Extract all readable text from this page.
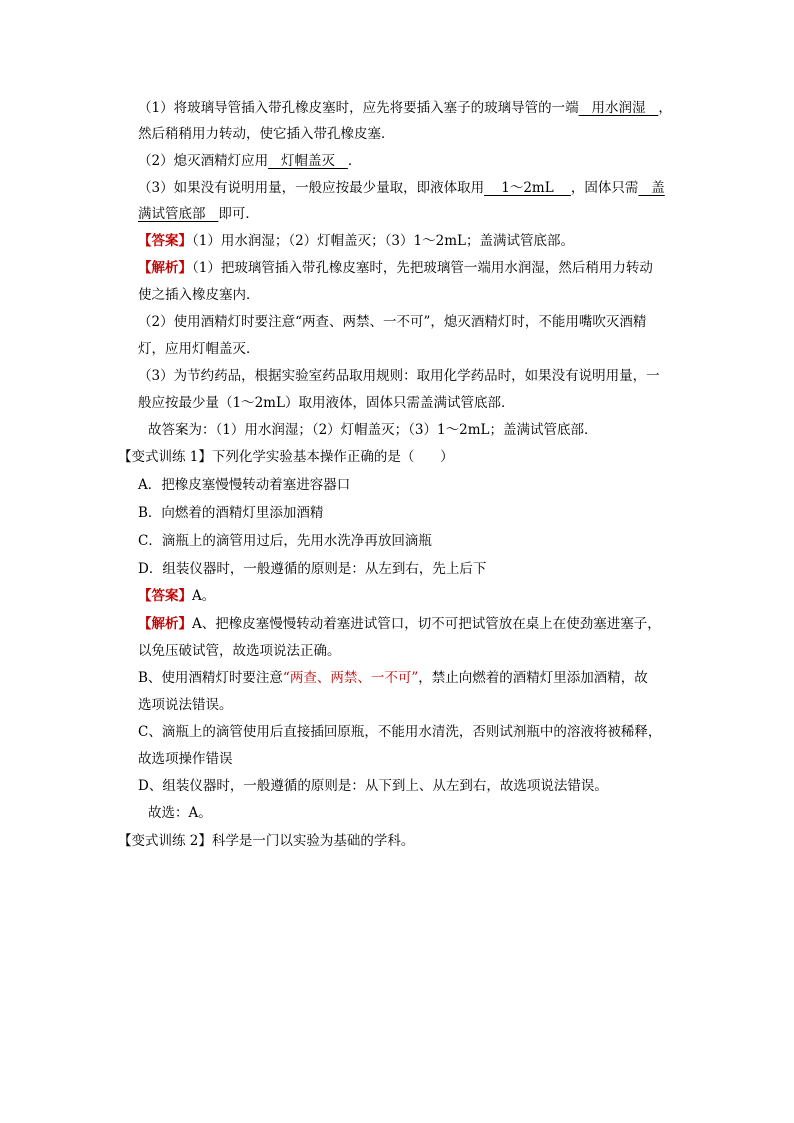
（1）将玻璃导管插入带孔橡皮塞时，应先将要插入塞子的玻璃导管的一端   用水润湿   ，
然后稍稍用力转动，使它插入带孔橡皮塞．
（2）熄灭酒精灯应用   灯帽盖灭   ．
（3）如果没有说明用量，一般应按最少量取，即液体取用    1～2mL    ，固体只需   盖
满试管底部   即可．
【答案】（1）用水润湿；（2）灯帽盖灭；（3）1～2mL；盖满试管底部。
【解析】（1）把玻璃管插入带孔橡皮塞时，先把玻璃管一端用水润湿，然后稍用力转动
使之插入橡皮塞内．
（2）使用酒精灯时要注意“两查、两禁、一不可”，熄灭酒精灯时，不能用嘴吹灭酒精
灯，应用灯帽盖灭．
（3）为节约药品，根据实验室药品取用规则：取用化学药品时，如果没有说明用量，一
般应按最少量（1～2mL）取用液体，固体只需盖满试管底部．
故答案为：（1）用水润湿；（2）灯帽盖灭；（3）1～2mL；盖满试管底部．
【变式训练 1】下列化学实验基本操作正确的是（      ）
A．把橡皮塞慢慢转动着塞进容器口
B．向燃着的酒精灯里添加酒精
C．滴瓶上的滴管用过后，先用水洗净再放回滴瓶
D．组装仪器时，一般遵循的原则是：从左到右，先上后下
【答案】A。
【解析】A、把橡皮塞慢慢转动着塞进试管口，切不可把试管放在桌上在使劲塞进塞子，
以免压破试管，故选项说法正确。
B、使用酒精灯时要注意“两查、两禁、一不可”，禁止向燃着的酒精灯里添加酒精，故
选项说法错误。
C、滴瓶上的滴管使用后直接插回原瓶，不能用水清洗，否则试剂瓶中的溶液将被稀释，
故选项操作错误
D、组装仪器时，一般遵循的原则是：从下到上、从左到右，故选项说法错误。
故选：A。
【变式训练 2】科学是一门以实验为基础的学科。
